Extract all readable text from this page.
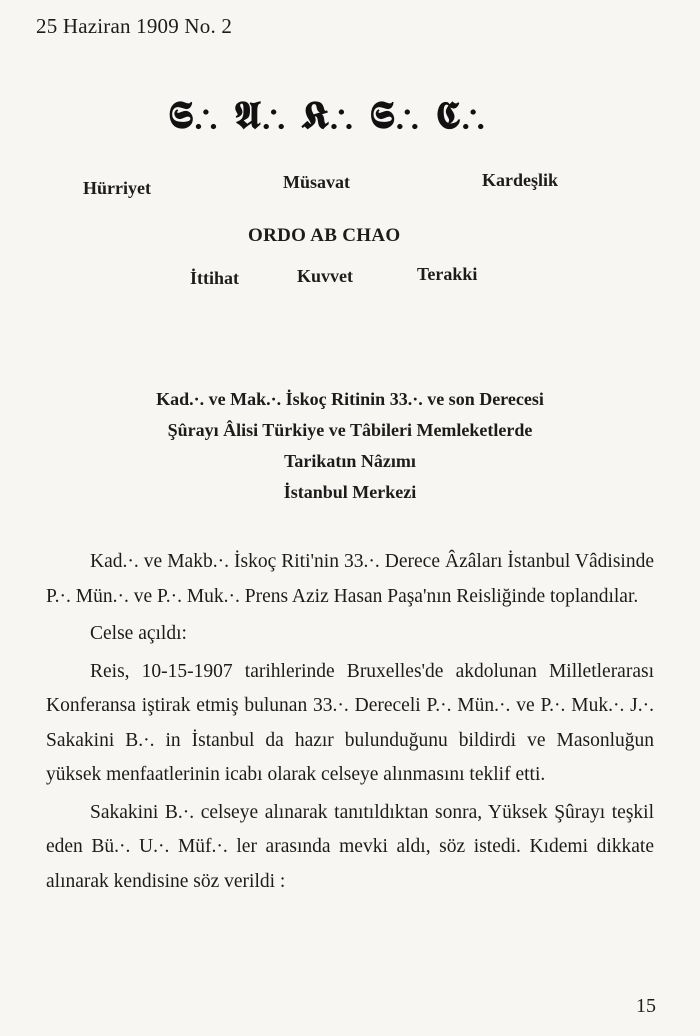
25 Haziran 1909 No. 2
𝕾∴ 𝕬∴ 𝕶∴ 𝕾∴ 𝕮∴
Hürriyet	Müsavat	Kardeşlik
ORDO AB CHAO
İttihat	Kuvvet	Terakki
Kad.·. ve Mak.·. İskoç Ritinin 33.·. ve son Derecesi
Şûrayı Âlisi Türkiye ve Tâbileri Memleketlerde
Tarikatın Nâzımı
İstanbul Merkezi

Kad.·. ve Makb.·. İskoç Riti'nin 33.·. Derece Âzâları İstanbul Vâdisinde P.·. Mün.·. ve P.·. Muk.·. Prens Aziz Hasan Paşa'nın Reisliğinde toplandılar.

Celse açıldı:

Reis, 10-15-1907 tarihlerinde Bruxelles'de akdolunan Milletlerarası Konferansa iştirak etmiş bulunan 33.·. Dereceli P.·. Mün.·. ve P.·. Muk.·. J.·. Sakakini B.·. in İstanbul da hazır bulunduğunu bildirdi ve Masonluğun yüksek menfaatlerinin icabı olarak celseye alınmasını teklif etti.

Sakakini B.·. celseye alınarak tanıtıldıktan sonra, Yüksek Şûrayı teşkil eden Bü.·. U.·. Müf.·. ler arasında mevki aldı, söz istedi. Kıdemi dikkate alınarak kendisine söz verildi :

15
